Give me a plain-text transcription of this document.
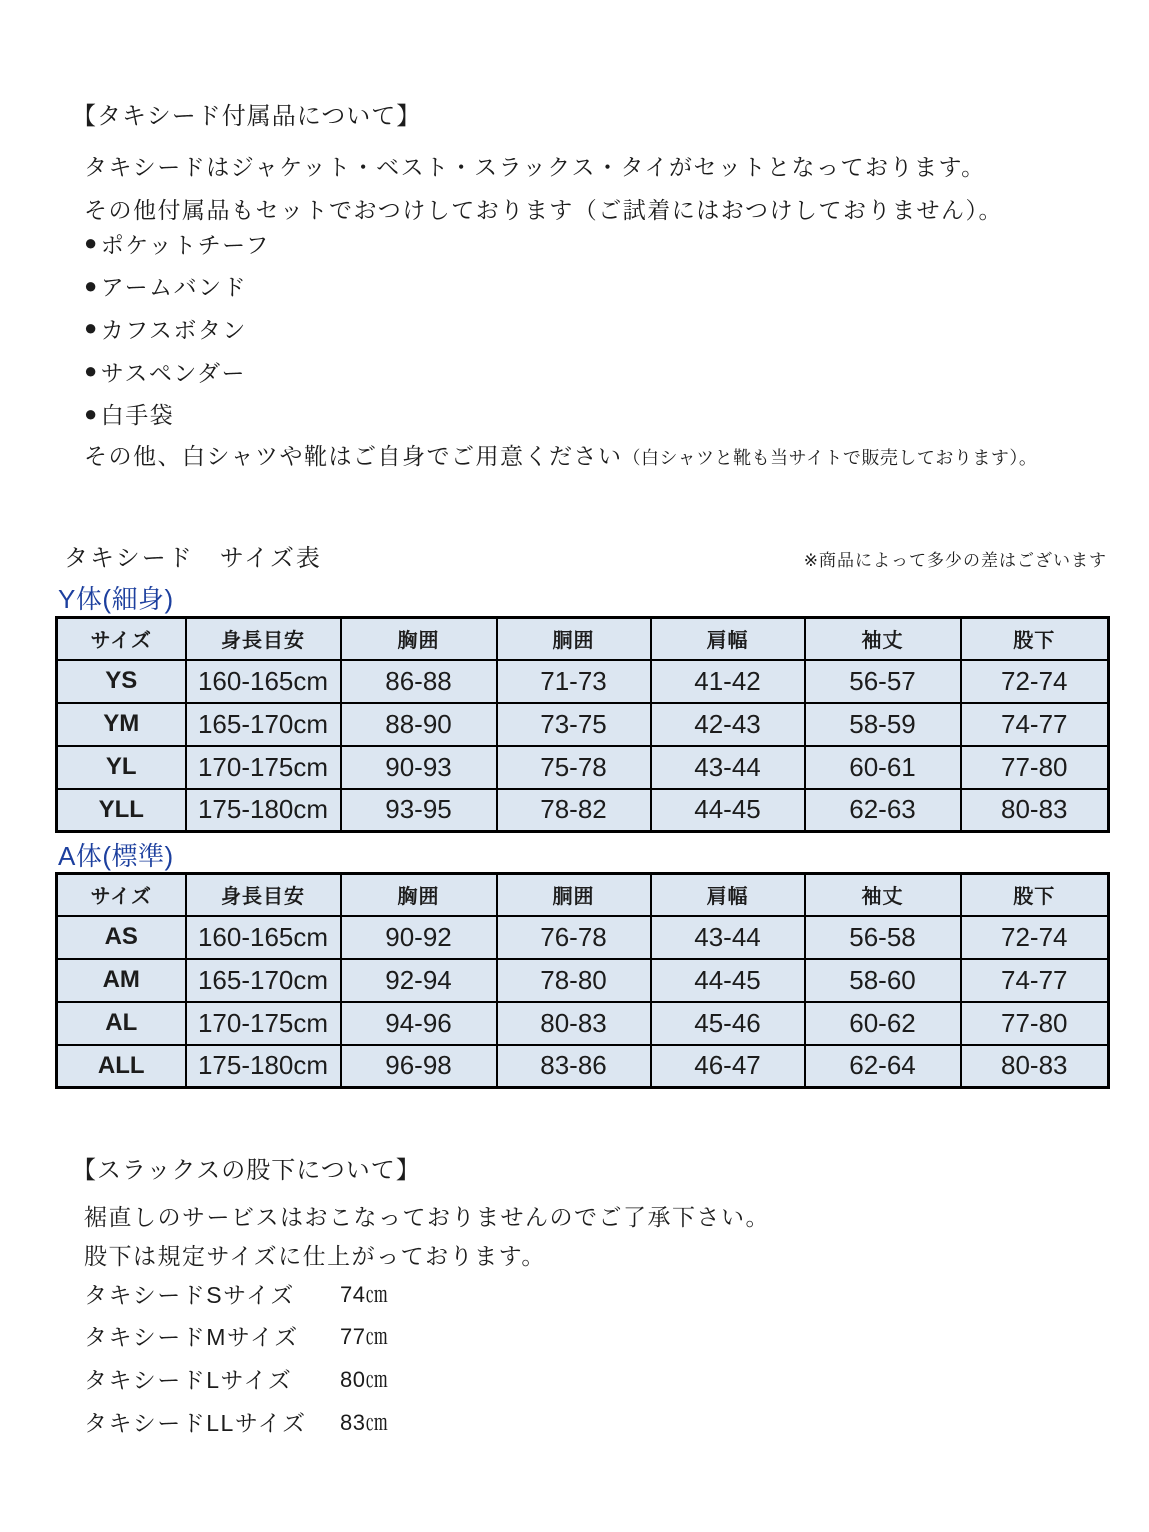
【タキシード付属品について】
タキシードはジャケット・ベスト・スラックス・タイがセットとなっております。
その他付属品もセットでおつけしております（ご試着にはおつけしておりません）。
● ポケットチーフ
● アームバンド
● カフスボタン
● サスペンダー
● 白手袋
その他、白シャツや靴はご自身でご用意ください（白シャツと靴も当サイトで販売しております）。
タキシード　サイズ表	※商品によって多少の差はございます
Y体(細身)
サイズ	身長目安	胸囲	胴囲	肩幅	袖丈	股下
YS	160-165cm	86-88	71-73	41-42	56-57	72-74
YM	165-170cm	88-90	73-75	42-43	58-59	74-77
YL	170-175cm	90-93	75-78	43-44	60-61	77-80
YLL	175-180cm	93-95	78-82	44-45	62-63	80-83
A体(標準)
サイズ	身長目安	胸囲	胴囲	肩幅	袖丈	股下
AS	160-165cm	90-92	76-78	43-44	56-58	72-74
AM	165-170cm	92-94	78-80	44-45	58-60	74-77
AL	170-175cm	94-96	80-83	45-46	60-62	77-80
ALL	175-180cm	96-98	83-86	46-47	62-64	80-83
【スラックスの股下について】
裾直しのサービスはおこなっておりませんのでご了承下さい。
股下は規定サイズに仕上がっております。
タキシードSサイズ	74㎝
タキシードMサイズ	77㎝
タキシードLサイズ	80㎝
タキシードLLサイズ	83㎝
